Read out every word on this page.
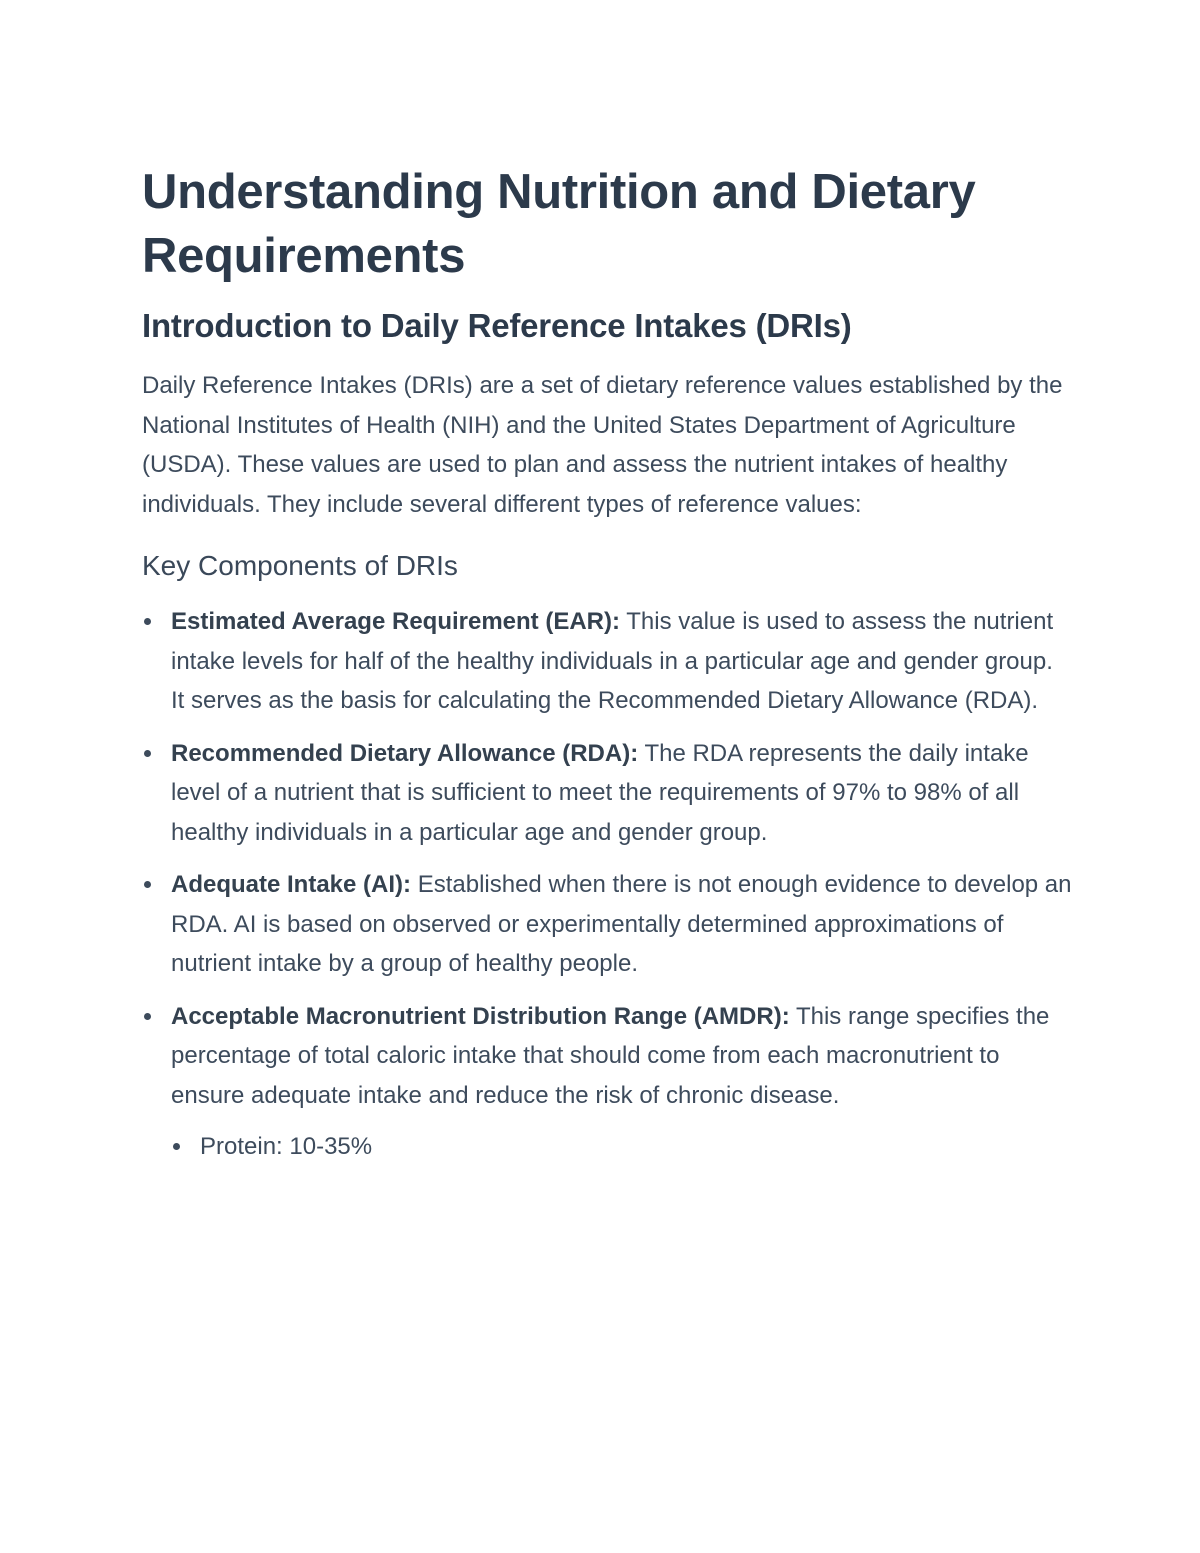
Understanding Nutrition and Dietary Requirements
Introduction to Daily Reference Intakes (DRIs)

Daily Reference Intakes (DRIs) are a set of dietary reference values established by the National Institutes of Health (NIH) and the United States Department of Agriculture (USDA). These values are used to plan and assess the nutrient intakes of healthy individuals. They include several different types of reference values:

Key Components of DRIs
Estimated Average Requirement (EAR): This value is used to assess the nutrient intake levels for half of the healthy individuals in a particular age and gender group. It serves as the basis for calculating the Recommended Dietary Allowance (RDA).
Recommended Dietary Allowance (RDA): The RDA represents the daily intake level of a nutrient that is sufficient to meet the requirements of 97% to 98% of all healthy individuals in a particular age and gender group.
Adequate Intake (AI): Established when there is not enough evidence to develop an RDA. AI is based on observed or experimentally determined approximations of nutrient intake by a group of healthy people.
Acceptable Macronutrient Distribution Range (AMDR): This range specifies the percentage of total caloric intake that should come from each macronutrient to ensure adequate intake and reduce the risk of chronic disease.
Protein: 10-35%
